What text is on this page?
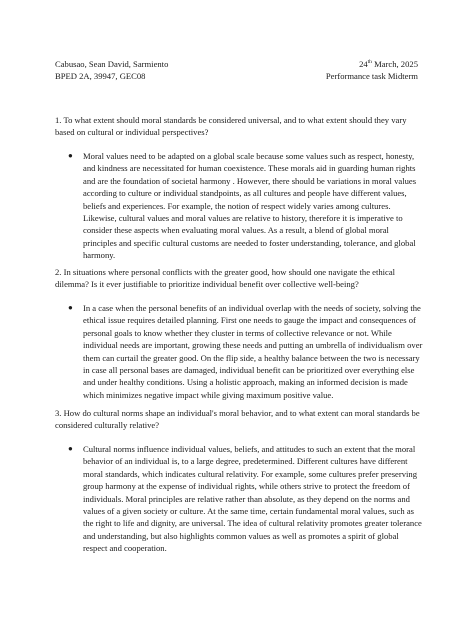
Cabusao, Sean David, Sarmiento
BPED 2A, 39947, GEC08
24th March, 2025
Performance task Midterm

1. To what extent should moral standards be considered universal, and to what extent should they vary based on cultural or individual perspectives?

● Moral values need to be adapted on a global scale because some values such as respect, honesty, and kindness are necessitated for human coexistence. These morals aid in guarding human rights and are the foundation of societal harmony . However, there should be variations in moral values according to culture or individual standpoints, as all cultures and people have different values, beliefs and experiences. For example, the notion of respect widely varies among cultures. Likewise, cultural values and moral values are relative to history, therefore it is imperative to consider these aspects when evaluating moral values. As a result, a blend of global moral principles and specific cultural customs are needed to foster understanding, tolerance, and global harmony.

2. In situations where personal conflicts with the greater good, how should one navigate the ethical dilemma? Is it ever justifiable to prioritize individual benefit over collective well-being?

● In a case when the personal benefits of an individual overlap with the needs of society, solving the ethical issue requires detailed planning. First one needs to gauge the impact and consequences of personal goals to know whether they cluster in terms of collective relevance or not. While individual needs are important, growing these needs and putting an umbrella of individualism over them can curtail the greater good. On the flip side, a healthy balance between the two is necessary in case all personal bases are damaged, individual benefit can be prioritized over everything else and under healthy conditions. Using a holistic approach, making an informed decision is made which minimizes negative impact while giving maximum positive value.

3. How do cultural norms shape an individual's moral behavior, and to what extent can moral standards be considered culturally relative?

● Cultural norms influence individual values, beliefs, and attitudes to such an extent that the moral behavior of an individual is, to a large degree, predetermined. Different cultures have different moral standards, which indicates cultural relativity. For example, some cultures prefer preserving group harmony at the expense of individual rights, while others strive to protect the freedom of individuals. Moral principles are relative rather than absolute, as they depend on the norms and values of a given society or culture. At the same time, certain fundamental moral values, such as the right to life and dignity, are universal. The idea of cultural relativity promotes greater tolerance and understanding, but also highlights common values as well as promotes a spirit of global respect and cooperation.
